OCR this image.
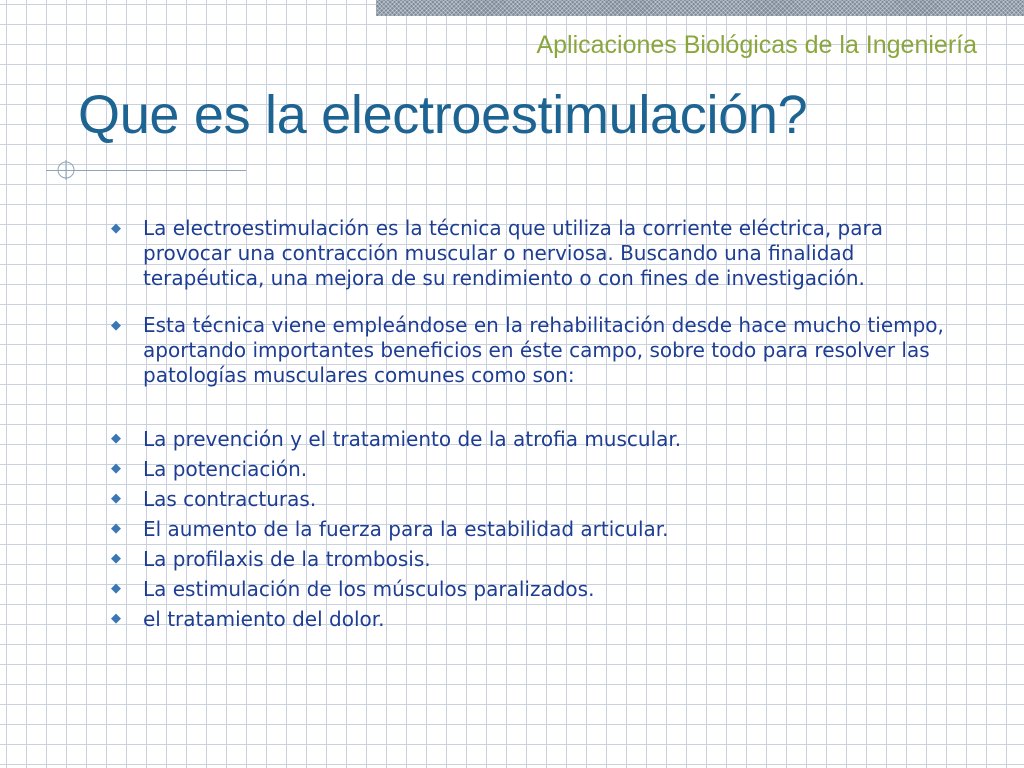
Aplicaciones Biológicas de la Ingeniería
Que es la electroestimulación?
◆ La electroestimulación es la técnica que utiliza la corriente eléctrica, para provocar una contracción muscular o nerviosa. Buscando una finalidad terapéutica, una mejora de su rendimiento o con fines de investigación.
◆ Esta técnica viene empleándose en la rehabilitación desde hace mucho tiempo, aportando importantes beneficios en éste campo, sobre todo para resolver las patologías musculares comunes como son:
◆ La prevención y el tratamiento de la atrofia muscular.
◆ La potenciación.
◆ Las contracturas.
◆ El aumento de la fuerza para la estabilidad articular.
◆ La profilaxis de la trombosis.
◆ La estimulación de los músculos paralizados.
◆ el tratamiento del dolor.
